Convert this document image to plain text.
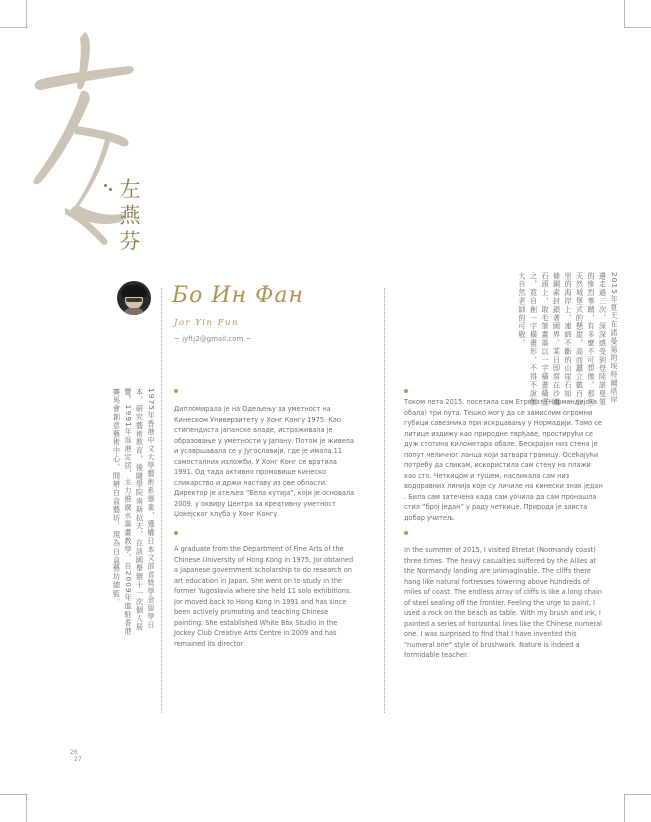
左燕芬
Бо Ин Фан
Jor Yin Fun
~ jyftj2@gmail.com ~
1975年香港中文大學藝術系畢業，獲權日本文部省獎學金留學日本，研究藝術教育，後隨學院南斯拉夫，在該國舉辦十一次個人展覽。1991年返港定居，主力推廣水墨畫教學。自2009年進駐香港賽馬會創意藝術中心，開辦白盒藝坊，現為白盒藝坊總監。
2015年夏天在諾曼第的埃特爾塔岸邊走過三次，深深感受到登陸諾曼第的慘烈事蹟，有多麼不可想像。那些天然城堡式的懸崖，高而蠶立數百公里的海岸上，連綿不斷的山崖石如一條鋼索封鎖著國界。某日即席在沙灘石頭上，取毛筆畫墨以一字橫畫橫畫之，竟自創一字橫畫形，不得不說敬大自然老師的可敬。

Дипломирала је на Одељењу за уметност на Кинеском Универзитету у Хонг Конгу 1975. Као стипендиста јапанске владе, истраживала је образовање у уметности у Јапану. Потом је живела и усавршавала се у Југославији, где је имала 11 самосталних изложби. У Хонг Конг се вратила 1991. Од тада активно промовише кинеско сликарство и држи наставу из ове области. Директор је атељеа “Бела кутија”, који је основала 2009. у оквиру Центра за креативну уметност Џокејског клуба у Хонг Конгу.

A graduate from the Department of Fine Arts of the Chinese University of Hong Kong in 1975, Jor obtained a Japanese government scholarship to do research on art education in Japan. She went on to study in the former Yugoslavia where she held 11 solo exhibitions. Jor moved back to Hong Kong in 1991 and has since been actively promoting and teaching Chinese painting. She established White Box Studio in the Jockey Club Creative Arts Centre in 2009 and has remained its director

Током лета 2015. посетила сам Етретат (Нормандијска обала) три пута. Тешко могу да се замислим огромни губици савезника при искрцавању у Нормадији. Тамо се литице издижу као природне тврђаве, простирући се дуж стотина километара обале. Бескрајан низ стена је попут челичног ланца који затвара границу. Осећајући потребу да сликам, искористила сам стену на плажи као сто. Четкицом и тушем, насликала сам низ водоравних линија које су личиле на кинески знак један . Била сам затечена када сам уочила да сам пронашла стил “број један” у раду четкице. Природа је заиста добар учитељ.

In the summer of 2015, I visited Etretat (Normandy coast) three times. The heavy casualties suffered by the Allies at the Normandy landing are unimaginable. The cliffs there hang like natural fortresses towering above hundreds of miles of coast. The endless array of cliffs is like a long chain of steel sealing off the frontier. Feeling the urge to paint, I used a rock on the beach as table. With my brush and ink, I painted a series of horizontal lines like the Chinese numeral one. I was surprised to find that I have invented this "numeral one" style of brushwork. Nature is indeed a formidable teacher.

26
27
